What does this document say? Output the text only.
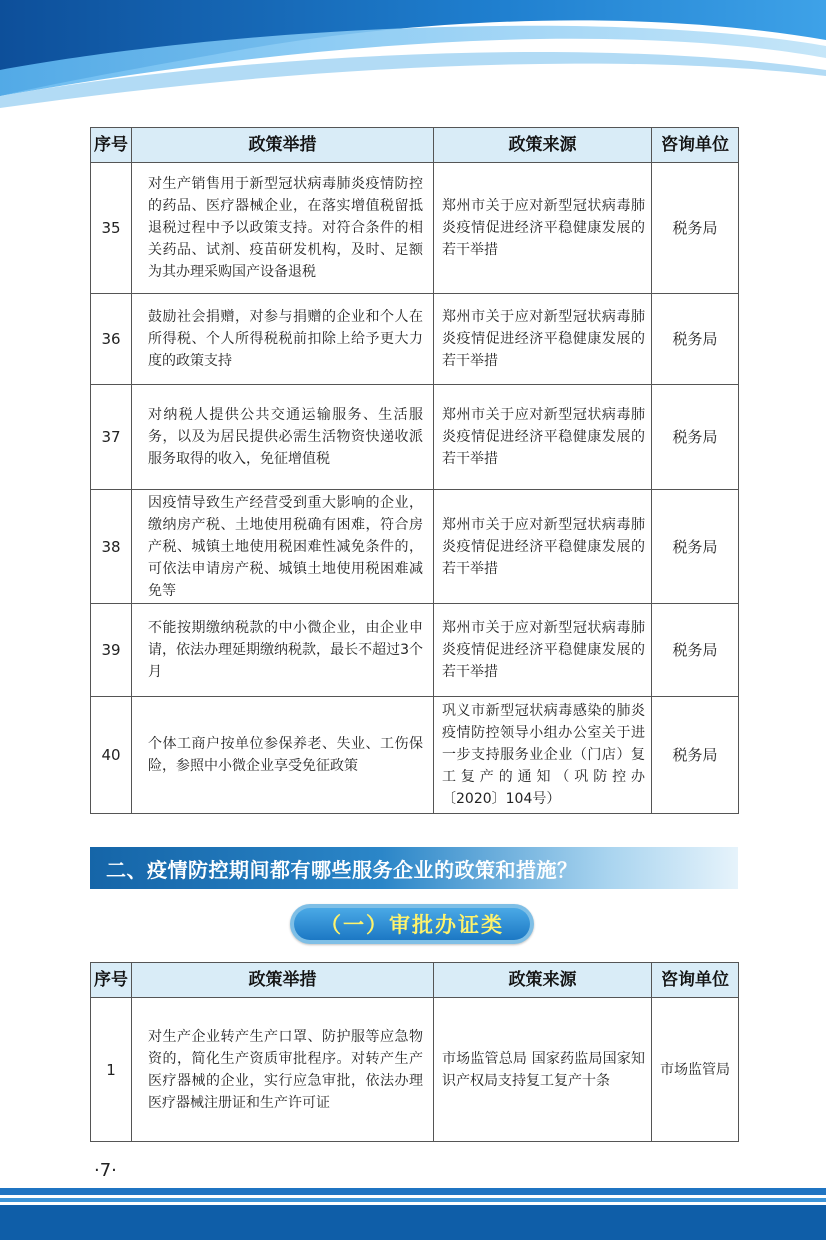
序号	政策举措	政策来源	咨询单位
35	对生产销售用于新型冠状病毒肺炎疫情防控的药品、医疗器械企业，在落实增值税留抵退税过程中予以政策支持。对符合条件的相关药品、试剂、疫苗研发机构，及时、足额为其办理采购国产设备退税	郑州市关于应对新型冠状病毒肺炎疫情促进经济平稳健康发展的若干举措	税务局
36	鼓励社会捐赠，对参与捐赠的企业和个人在所得税、个人所得税税前扣除上给予更大力度的政策支持	郑州市关于应对新型冠状病毒肺炎疫情促进经济平稳健康发展的若干举措	税务局
37	对纳税人提供公共交通运输服务、生活服务，以及为居民提供必需生活物资快递收派服务取得的收入，免征增值税	郑州市关于应对新型冠状病毒肺炎疫情促进经济平稳健康发展的若干举措	税务局
38	因疫情导致生产经营受到重大影响的企业，缴纳房产税、土地使用税确有困难，符合房产税、城镇土地使用税困难性减免条件的，可依法申请房产税、城镇土地使用税困难减免等	郑州市关于应对新型冠状病毒肺炎疫情促进经济平稳健康发展的若干举措	税务局
39	不能按期缴纳税款的中小微企业，由企业申请，依法办理延期缴纳税款，最长不超过3个月	郑州市关于应对新型冠状病毒肺炎疫情促进经济平稳健康发展的若干举措	税务局
40	个体工商户按单位参保养老、失业、工伤保险，参照中小微企业享受免征政策	巩义市新型冠状病毒感染的肺炎疫情防控领导小组办公室关于进一步支持服务业企业（门店）复工复产的通知（巩防控办〔2020〕104号）	税务局
二、疫情防控期间都有哪些服务企业的政策和措施？
（一）审批办证类
序号	政策举措	政策来源	咨询单位
1	对生产企业转产生产口罩、防护服等应急物资的，简化生产资质审批程序。对转产生产医疗器械的企业，实行应急审批，依法办理医疗器械注册证和生产许可证	市场监管总局 国家药监局国家知识产权局支持复工复产十条	市场监管局
·7·
